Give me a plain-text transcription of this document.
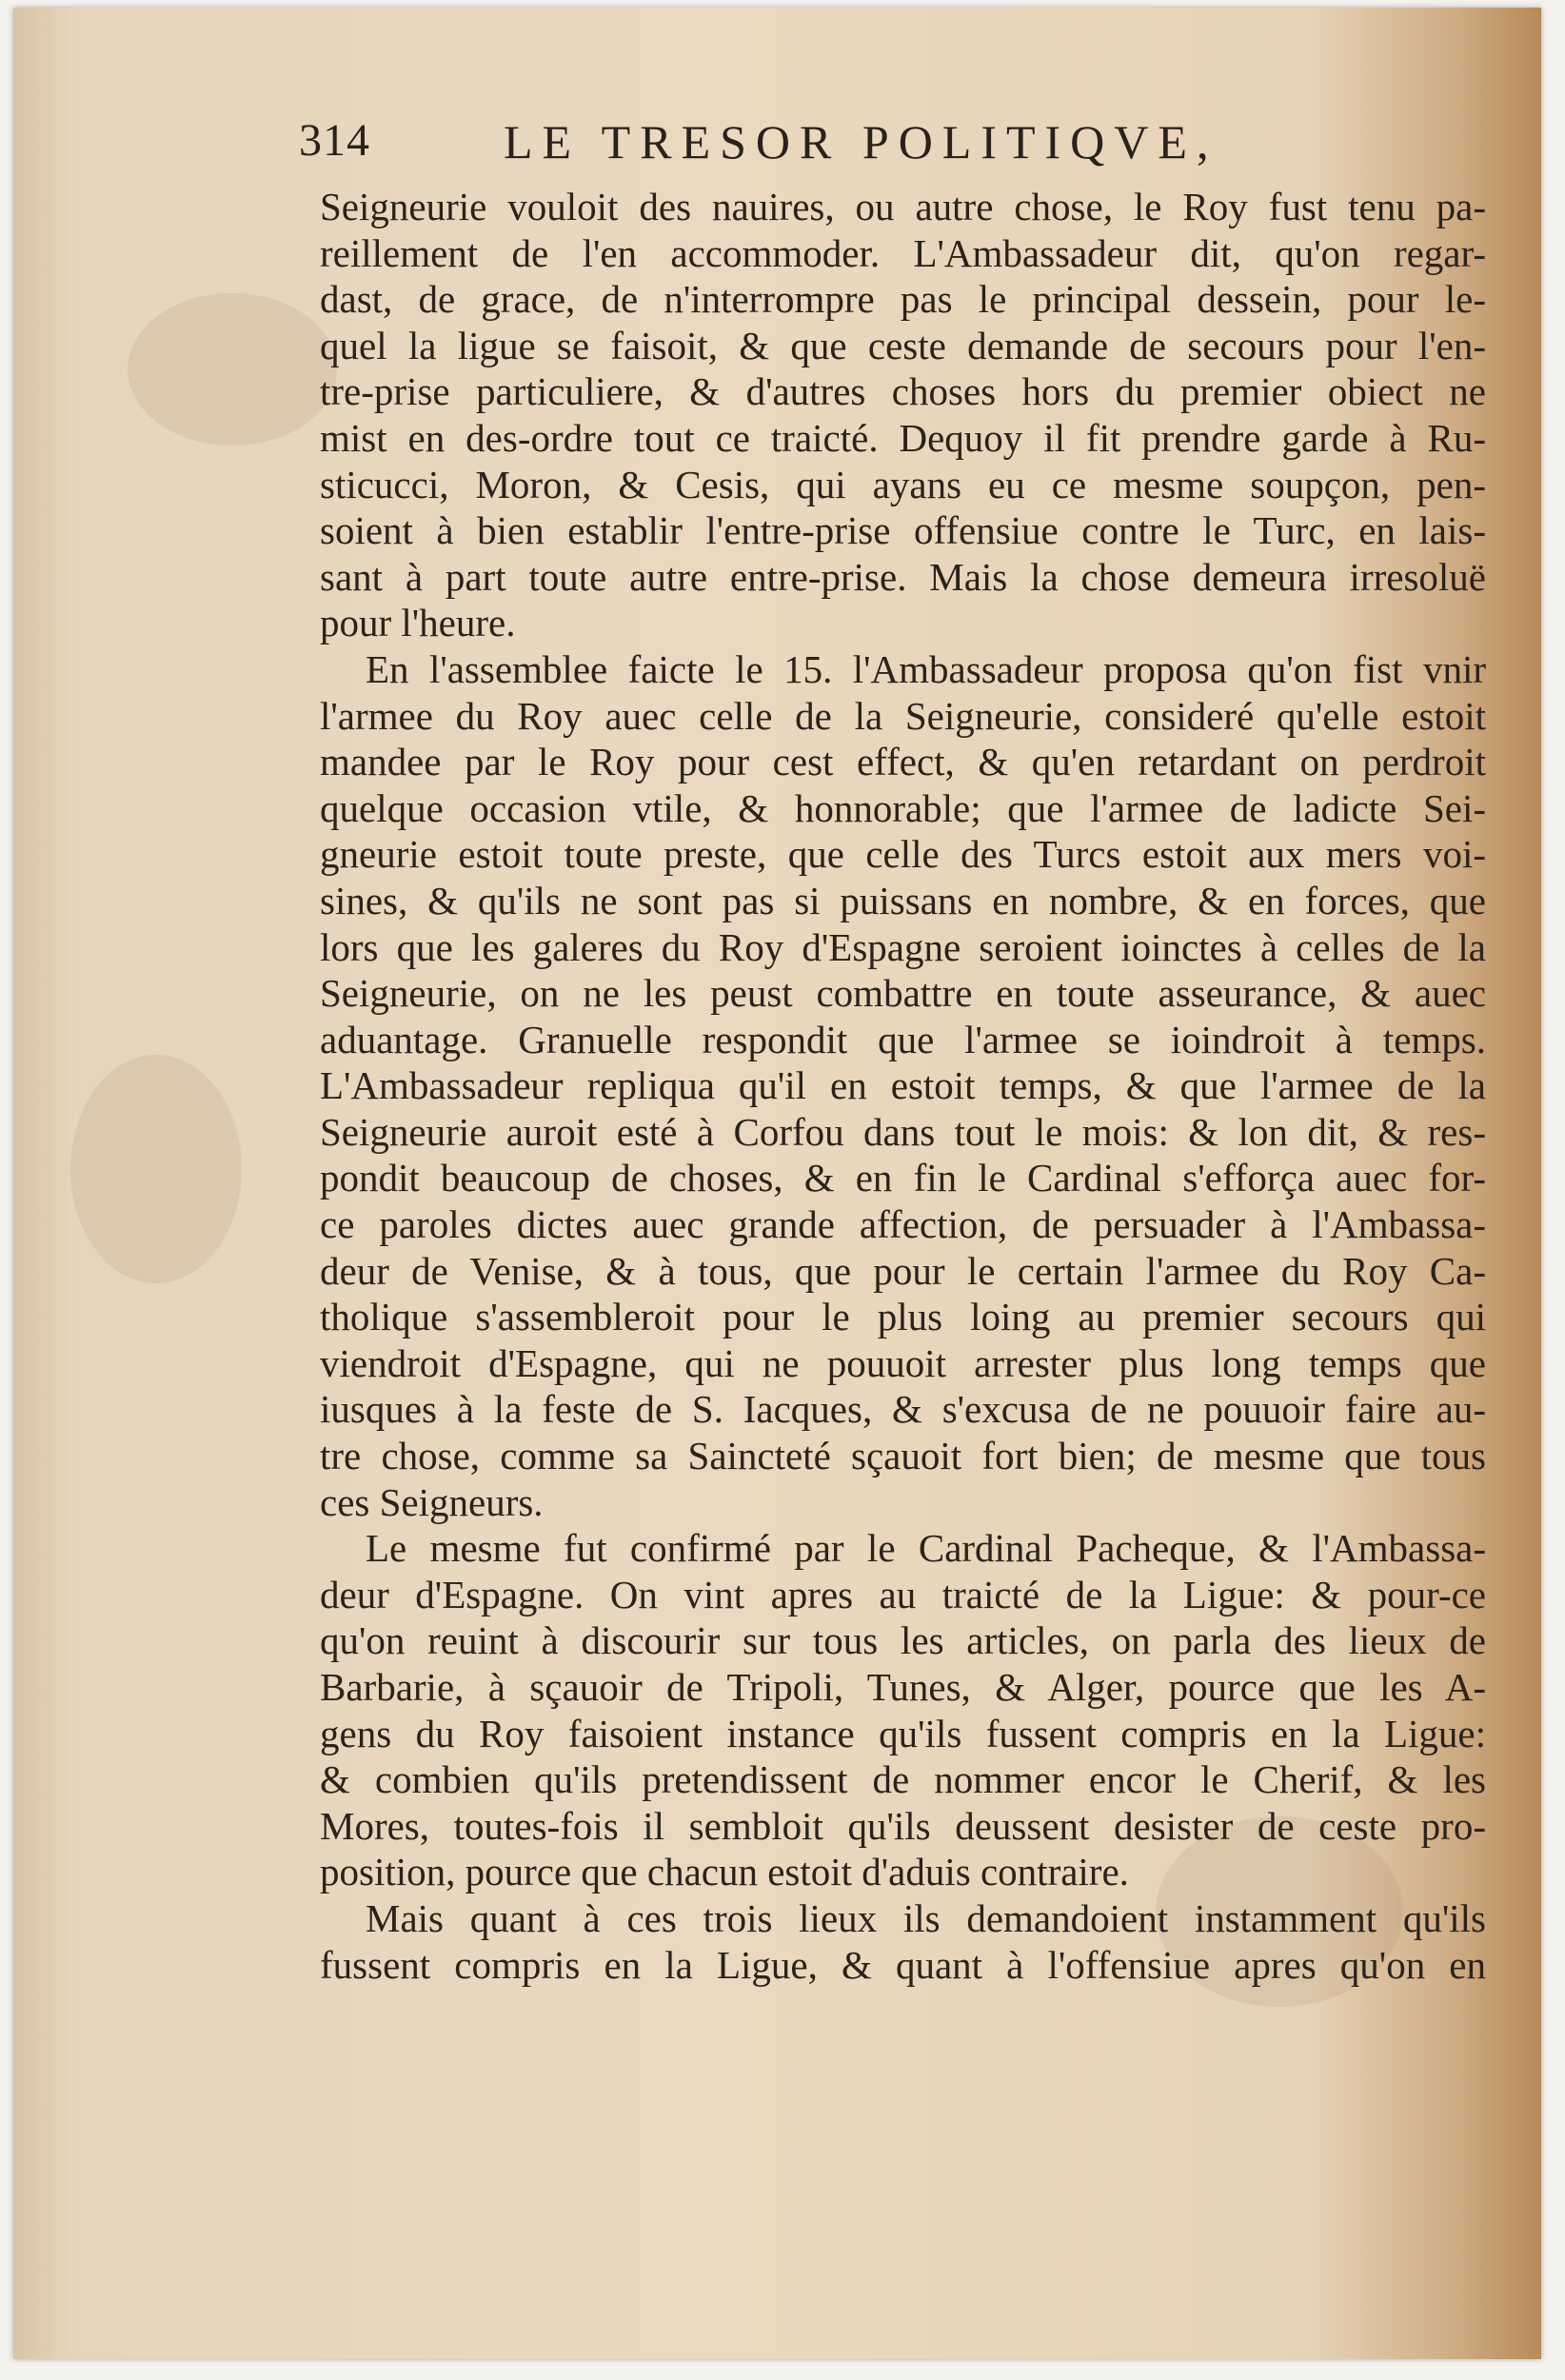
314	LE TRESOR POLITIQVE,
Seigneurie vouloit des nauires, ou autre chose, le Roy fust tenu pa-
reillement de l'en accommoder. L'Ambassadeur dit, qu'on regar-
dast, de grace, de n'interrompre pas le principal dessein, pour le-
quel la ligue se faisoit, & que ceste demande de secours pour l'en-
tre-prise particuliere, & d'autres choses hors du premier obiect ne
mist en des-ordre tout ce traicté. Dequoy il fit prendre garde à Ru-
sticucci, Moron, & Cesis, qui ayans eu ce mesme soupçon, pen-
soient à bien establir l'entre-prise offensiue contre le Turc, en lais-
sant à part toute autre entre-prise. Mais la chose demeura irresoluë
pour l'heure.
En l'assemblee faicte le 15. l'Ambassadeur proposa qu'on fist vnir
l'armee du Roy auec celle de la Seigneurie, consideré qu'elle estoit
mandee par le Roy pour cest effect, & qu'en retardant on perdroit
quelque occasion vtile, & honnorable; que l'armee de ladicte Sei-
gneurie estoit toute preste, que celle des Turcs estoit aux mers voi-
sines, & qu'ils ne sont pas si puissans en nombre, & en forces, que
lors que les galeres du Roy d'Espagne seroient ioinctes à celles de la
Seigneurie, on ne les peust combattre en toute asseurance, & auec
aduantage. Granuelle respondit que l'armee se ioindroit à temps.
L'Ambassadeur repliqua qu'il en estoit temps, & que l'armee de la
Seigneurie auroit esté à Corfou dans tout le mois: & lon dit, & res-
pondit beaucoup de choses, & en fin le Cardinal s'efforça auec for-
ce paroles dictes auec grande affection, de persuader à l'Ambassa-
deur de Venise, & à tous, que pour le certain l'armee du Roy Ca-
tholique s'assembleroit pour le plus loing au premier secours qui
viendroit d'Espagne, qui ne pouuoit arrester plus long temps que
iusques à la feste de S. Iacques, & s'excusa de ne pouuoir faire au-
tre chose, comme sa Saincteté sçauoit fort bien; de mesme que tous
ces Seigneurs.
Le mesme fut confirmé par le Cardinal Pacheque, & l'Ambassa-
deur d'Espagne. On vint apres au traicté de la Ligue: & pour-ce
qu'on reuint à discourir sur tous les articles, on parla des lieux de
Barbarie, à sçauoir de Tripoli, Tunes, & Alger, pource que les A-
gens du Roy faisoient instance qu'ils fussent compris en la Ligue:
& combien qu'ils pretendissent de nommer encor le Cherif, & les
Mores, toutes-fois il sembloit qu'ils deussent desister de ceste pro-
position, pource que chacun estoit d'aduis contraire.
Mais quant à ces trois lieux ils demandoient instamment qu'ils
fussent compris en la Ligue, & quant à l'offensiue apres qu'on en
